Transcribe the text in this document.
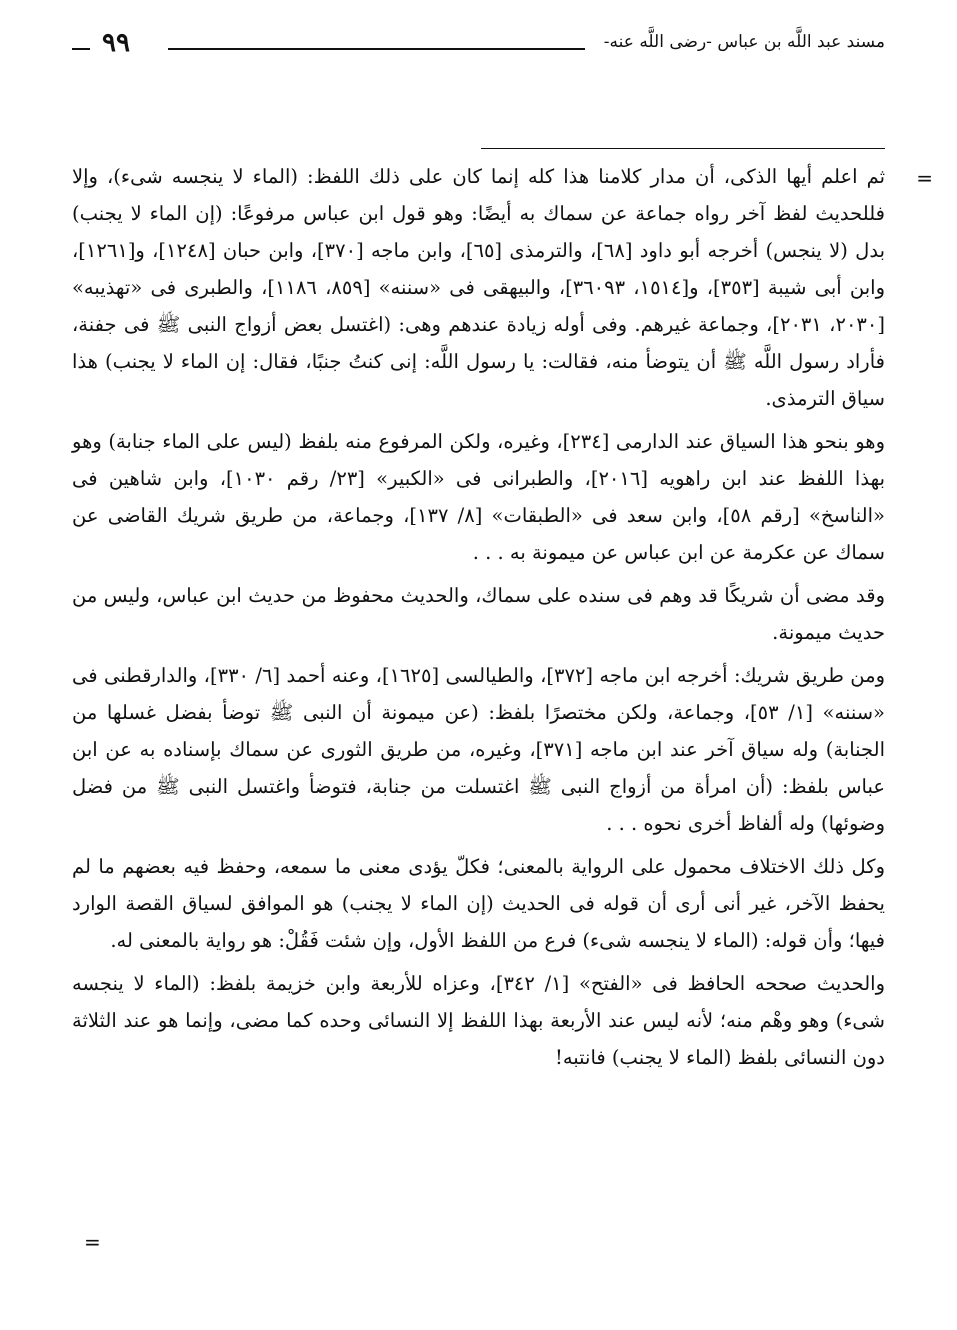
مسند عبد اللَّه بن عباس -رضى اللَّه عنه-
٩٩
=

ثم اعلم أيها الذكى، أن مدار كلامنا هذا كله إنما كان على ذلك اللفظ: (الماء لا ينجسه شىء)، وإلا فللحديث لفظ آخر رواه جماعة عن سماك به أيضًا: وهو قول ابن عباس مرفوعًا: (إن الماء لا يجنب) بدل (لا ينجس) أخرجه أبو داود [٦٨]، والترمذى [٦٥]، وابن ماجه [٣٧٠]، وابن حبان [١٢٤٨]، و[١٢٦١]، وابن أبى شيبة [٣٥٣]، و[١٥١٤، ٣٦٠٩٣]، والبيهقى فى «سننه» [٨٥٩، ١١٨٦]، والطبرى فى «تهذيبه» [٢٠٣٠، ٢٠٣١]، وجماعة غيرهم. وفى أوله زيادة عندهم وهى: (اغتسل بعض أزواج النبى ﷺ فى جفنة، فأراد رسول اللَّه ﷺ أن يتوضأ منه، فقالت: يا رسول اللَّه: إنى كنتُ جنبًا، فقال: إن الماء لا يجنب) هذا سياق الترمذى.

وهو بنحو هذا السياق عند الدارمى [٢٣٤]، وغيره، ولكن المرفوع منه بلفظ (ليس على الماء جنابة) وهو بهذا اللفظ عند ابن راهويه [٢٠١٦]، والطبرانى فى «الكبير» [٢٣/ رقم ١٠٣٠]، وابن شاهين فى «الناسخ» [رقم ٥٨]، وابن سعد فى «الطبقات» [٨/ ١٣٧]، وجماعة، من طريق شريك القاضى عن سماك عن عكرمة عن ابن عباس عن ميمونة به . . .

وقد مضى أن شريكًا قد وهم فى سنده على سماك، والحديث محفوظ من حديث ابن عباس، وليس من حديث ميمونة.

ومن طريق شريك: أخرجه ابن ماجه [٣٧٢]، والطيالسى [١٦٢٥]، وعنه أحمد [٦/ ٣٣٠]، والدارقطنى فى «سننه» [١/ ٥٣]، وجماعة، ولكن مختصرًا بلفظ: (عن ميمونة أن النبى ﷺ توضأ بفضل غسلها من الجنابة) وله سياق آخر عند ابن ماجه [٣٧١]، وغيره، من طريق الثورى عن سماك بإسناده به عن ابن عباس بلفظ: (أن امرأة من أزواج النبى ﷺ اغتسلت من جنابة، فتوضأ واغتسل النبى ﷺ من فضل وضوئها) وله ألفاظ أخرى نحوه . . .

وكل ذلك الاختلاف محمول على الرواية بالمعنى؛ فكلّ يؤدى معنى ما سمعه، وحفظ فيه بعضهم ما لم يحفظ الآخر، غير أنى أرى أن قوله فى الحديث (إن الماء لا يجنب) هو الموافق لسياق القصة الوارد فيها؛ وأن قوله: (الماء لا ينجسه شىء) فرع من اللفظ الأول، وإن شئت فَقُلْ: هو رواية بالمعنى له.

والحديث صححه الحافظ فى «الفتح» [١/ ٣٤٢]، وعزاه للأربعة وابن خزيمة بلفظ: (الماء لا ينجسه شىء) وهو وهْم منه؛ لأنه ليس عند الأربعة بهذا اللفظ إلا النسائى وحده كما مضى، وإنما هو عند الثلاثة دون النسائى بلفظ (الماء لا يجنب) فانتبه!

=
